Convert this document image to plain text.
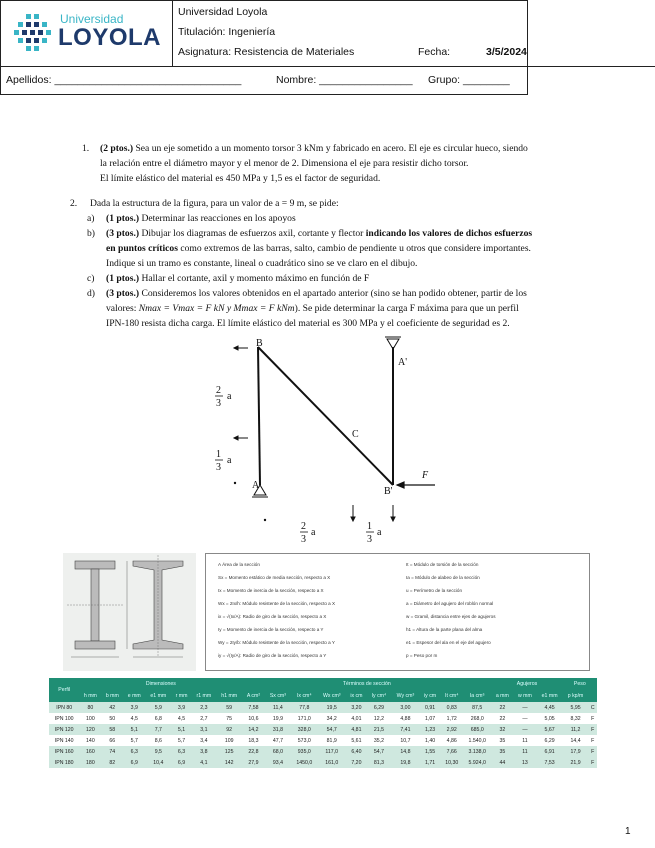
Universidad
LOYOLA
Universidad Loyola
Titulación: Ingeniería
Asignatura: Resistencia de Materiales	Fecha:	3/5/2024
Apellidos: ________________________________	Nombre: ________________ Grupo: ________
1. (2 ptos.) Sea un eje sometido a un momento torsor 3 kNm y fabricado en acero. El eje es circular hueco, siendo
la relación entre el diámetro mayor y el menor de 2. Dimensiona el eje para resistir dicho torsor.
El límite elástico del material es 450 MPa y 1,5 es el factor de seguridad.
2. Dada la estructura de la figura, para un valor de a = 9 m, se pide:
a) (1 ptos.) Determinar las reacciones en los apoyos
b) (3 ptos.) Dibujar los diagramas de esfuerzos axil, cortante y flector indicando los valores de dichos esfuerzos
en puntos críticos como extremos de las barras, salto, cambio de pendiente u otros que considere importantes.
Indique si un tramo es constante, lineal o cuadrático sino se ve claro en el dibujo.
c) (1 ptos.) Hallar el cortante, axil y momento máximo en función de F
d) (3 ptos.) Consideremos los valores obtenidos en el apartado anterior (sino se han podido obtener, partir de los
valores: Nmax = Vmax = F kN y Mmax = F kNm). Se pide determinar la carga F máxima para que un perfil
IPN-180 resista dicha carga. El límite elástico del material es 300 MPa y el coeficiente de seguridad es 2.
B
A
C
B'
A'
F
2
3
a
1
3
a
2
3
a
1
3
a
A Área de la sección
Sx = Momento estático de media sección, respecto a X
Ix = Momento de inercia de la sección, respecto a X
Wx = 2Ix/h: Módulo resistente de la sección, respecto a X
ix = √(Ix/A): Radio de giro de la sección, respecto a X
Iy = Momento de inercia de la sección, respecto a Y
Wy = 2Iy/b: Módulo resistente de la sección, respecto a Y
iy = √(Iy/A): Radio de giro de la sección, respecto a Y
It = Módulo de torsión de la sección
Ia = Módulo de alabeo de la sección
u = Perímetro de la sección
a = Diámetro del agujero del roblón normal
w = Gramil, distancia entre ejes de agujeros
h1 = Altura de la parte plana del alma
e1 = Espesor del ala en el eje del agujero
p = Peso por m
Perfil	Dimensiones							Términos de sección										Agujeros			Peso	
	h mm	b mm	e mm	e1 mm	r mm	r1 mm	h1 mm	A cm²	Sx cm³	Ix cm⁴	Wx cm³	ix cm	Iy cm⁴	Wy cm³	iy cm	It cm⁴	Ia cm⁶	a mm	w mm	e1 mm	p kp/m	
IPN 80	80	42	3,9	5,9	3,9	2,3	59	7,58	11,4	77,8	19,5	3,20	6,29	3,00	0,91	0,83	87,5	22	—	4,45	5,95	C
IPN 100	100	50	4,5	6,8	4,5	2,7	75	10,6	19,9	171,0	34,2	4,01	12,2	4,88	1,07	1,72	268,0	22	—	5,05	8,32	F
IPN 120	120	58	5,1	7,7	5,1	3,1	92	14,2	31,8	328,0	54,7	4,81	21,5	7,41	1,23	2,92	685,0	32	—	5,67	11,2	F
IPN 140	140	66	5,7	8,6	5,7	3,4	109	18,3	47,7	573,0	81,9	5,61	35,2	10,7	1,40	4,86	1.540,0	35	11	6,29	14,4	F
IPN 160	160	74	6,3	9,5	6,3	3,8	125	22,8	68,0	935,0	117,0	6,40	54,7	14,8	1,55	7,66	3.138,0	35	11	6,91	17,9	F
IPN 180	180	82	6,9	10,4	6,9	4,1	142	27,9	93,4	1450,0	161,0	7,20	81,3	19,8	1,71	10,30	5.924,0	44	13	7,53	21,9	F
1
